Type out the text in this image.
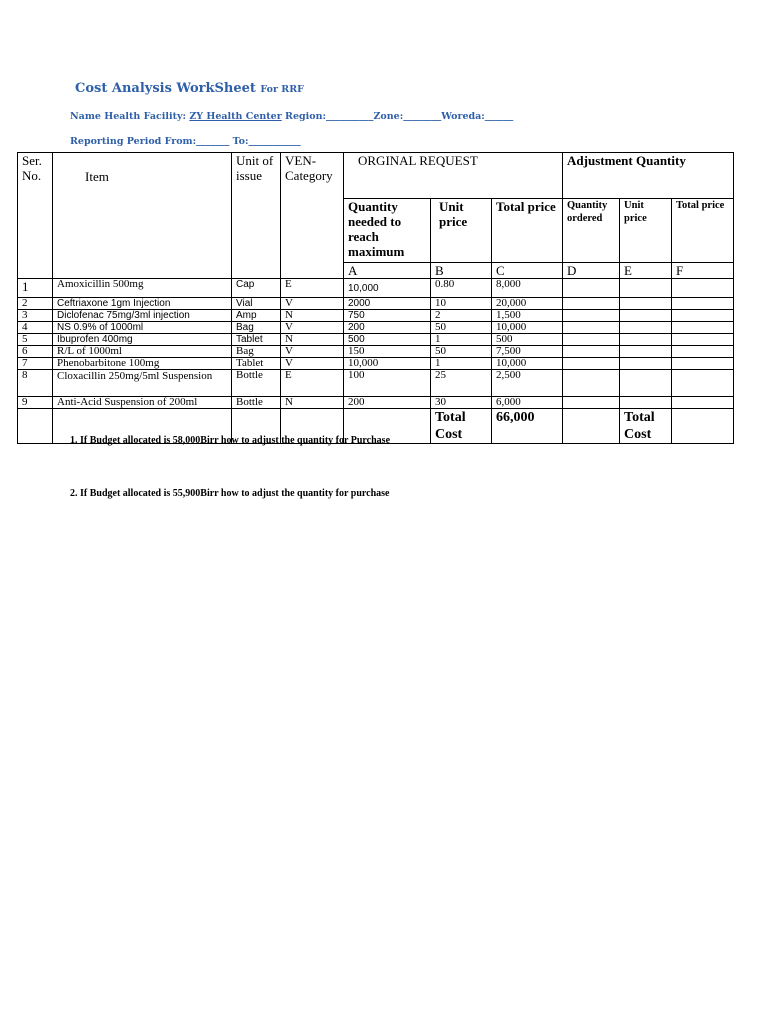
Cost Analysis WorkSheet For RRF
Name Health Facility: ZY Health Center Region:__________Zone:________Woreda:______
Reporting Period From:_______ To:___________
Ser. No.	Item	Unit of issue	VEN- Category	ORGINAL REQUEST			Adjustment Quantity		
				Quantity needed to reach maximum	Unit price	Total price	Quantity ordered	Unit price	Total price
				A	B	C	D	E	F
1	Amoxicillin 500mg	Cap	E	10,000	0.80	8,000			
2	Ceftriaxone 1gm Injection	Vial	V	2000	10	20,000			
3	Diclofenac 75mg/3ml injection	Amp	N	750	2	1,500			
4	NS 0.9% of 1000ml	Bag	V	200	50	10,000			
5	Ibuprofen 400mg	Tablet	N	500	1	500			
6	R/L of 1000ml	Bag	V	150	50	7,500			
7	Phenobarbitone 100mg	Tablet	V	10,000	1	10,000			
8	Cloxacillin 250mg/5ml Suspension	Bottle	E	100	25	2,500			
9	Anti-Acid Suspension of 200ml	Bottle	N	200	30	6,000			
					Total Cost	66,000		Total Cost	
1. If Budget allocated is 58,000Birr how to adjust the quantity for Purchase
2. If Budget allocated is 55,900Birr how to adjust the quantity for purchase
